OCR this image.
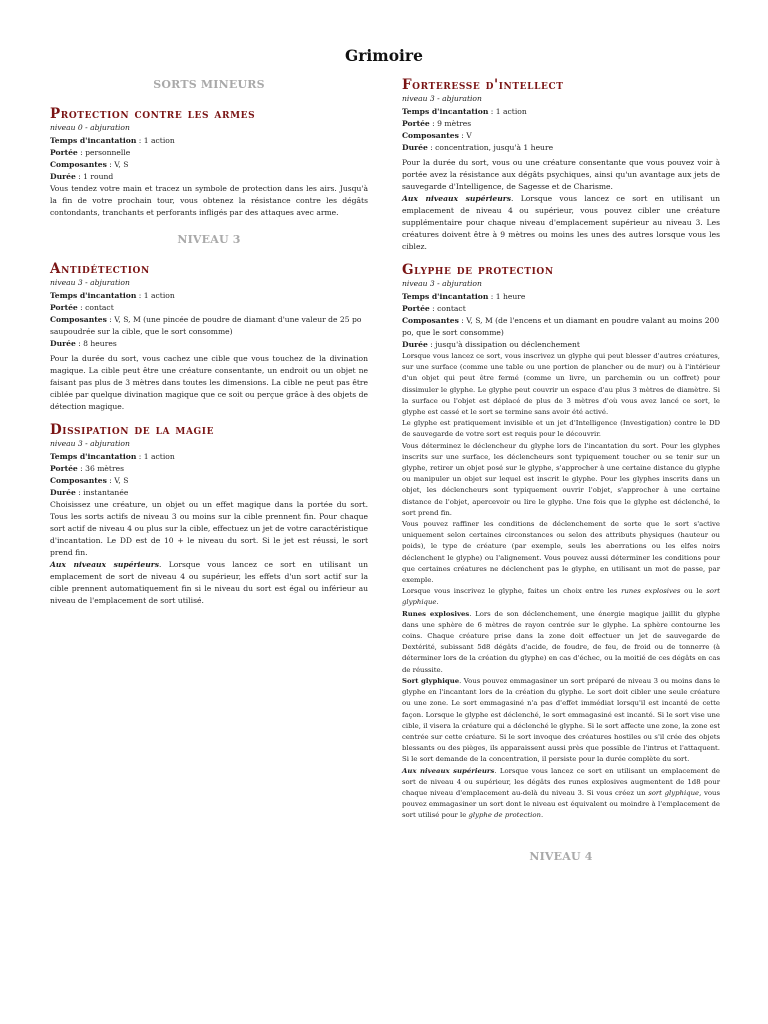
Grimoire
SORTS MINEURS
Protection contre les armes
niveau 0 - abjuration
Temps d'incantation : 1 action
Portée : personnelle
Composantes : V, S
Durée : 1 round

Vous tendez votre main et tracez un symbole de protection dans les airs. Jusqu'à la fin de votre prochain tour, vous obtenez la résistance contre les dégâts contondants, tranchants et perforants infligés par des attaques avec arme.

NIVEAU 3
Antidétection
niveau 3 - abjuration
Temps d'incantation : 1 action
Portée : contact
Composantes : V, S, M (une pincée de poudre de diamant d'une valeur de 25 po saupoudrée sur la cible, que le sort consomme)
Durée : 8 heures

Pour la durée du sort, vous cachez une cible que vous touchez de la divination magique. La cible peut être une créature consentante, un endroit ou un objet ne faisant pas plus de 3 mètres dans toutes les dimensions. La cible ne peut pas être ciblée par quelque divination magique que ce soit ou perçue grâce à des objets de détection magique.

Dissipation de la magie
niveau 3 - abjuration
Temps d'incantation : 1 action
Portée : 36 mètres
Composantes : V, S
Durée : instantanée

Choisissez une créature, un objet ou un effet magique dans la portée du sort. Tous les sorts actifs de niveau 3 ou moins sur la cible prennent fin. Pour chaque sort actif de niveau 4 ou plus sur la cible, effectuez un jet de votre caractéristique d'incantation. Le DD est de 10 + le niveau du sort. Si le jet est réussi, le sort prend fin.

Aux niveaux supérieurs. Lorsque vous lancez ce sort en utilisant un emplacement de sort de niveau 4 ou supérieur, les effets d'un sort actif sur la cible prennent automatiquement fin si le niveau du sort est égal ou inférieur au niveau de l'emplacement de sort utilisé.

Forteresse d'intellect
niveau 3 - abjuration
Temps d'incantation : 1 action
Portée : 9 mètres
Composantes : V
Durée : concentration, jusqu'à 1 heure

Pour la durée du sort, vous ou une créature consentante que vous pouvez voir à portée avez la résistance aux dégâts psychiques, ainsi qu'un avantage aux jets de sauvegarde d'Intelligence, de Sagesse et de Charisme.

Aux niveaux supérieurs. Lorsque vous lancez ce sort en utilisant un emplacement de niveau 4 ou supérieur, vous pouvez cibler une créature supplémentaire pour chaque niveau d'emplacement supérieur au niveau 3. Les créatures doivent être à 9 mètres ou moins les unes des autres lorsque vous les ciblez.

Glyphe de protection
niveau 3 - abjuration
Temps d'incantation : 1 heure
Portée : contact
Composantes : V, S, M (de l'encens et un diamant en poudre valant au moins 200 po, que le sort consomme)
Durée : jusqu'à dissipation ou déclenchement

Lorsque vous lancez ce sort, vous inscrivez un glyphe qui peut blesser d'autres créatures, sur une surface (comme une table ou une portion de plancher ou de mur) ou à l'intérieur d'un objet qui peut être fermé (comme un livre, un parchemin ou un coffret) pour dissimuler le glyphe. Le glyphe peut couvrir un espace d'au plus 3 mètres de diamètre. Si la surface ou l'objet est déplacé de plus de 3 mètres d'où vous avez lancé ce sort, le glyphe est cassé et le sort se termine sans avoir été activé.

Le glyphe est pratiquement invisible et un jet d'Intelligence (Investigation) contre le DD de sauvegarde de votre sort est requis pour le découvrir.

Vous déterminez le déclencheur du glyphe lors de l'incantation du sort. Pour les glyphes inscrits sur une surface, les déclencheurs sont typiquement toucher ou se tenir sur un glyphe, retirer un objet posé sur le glyphe, s'approcher à une certaine distance du glyphe ou manipuler un objet sur lequel est inscrit le glyphe. Pour les glyphes inscrits dans un objet, les déclencheurs sont typiquement ouvrir l'objet, s'approcher à une certaine distance de l'objet, apercevoir ou lire le glyphe. Une fois que le glyphe est déclenché, le sort prend fin.

Vous pouvez raffiner les conditions de déclenchement de sorte que le sort s'active uniquement selon certaines circonstances ou selon des attributs physiques (hauteur ou poids), le type de créature (par exemple, seuls les aberrations ou les elfes noirs déclenchent le glyphe) ou l'alignement. Vous pouvez aussi déterminer les conditions pour que certaines créatures ne déclenchent pas le glyphe, en utilisant un mot de passe, par exemple.

Lorsque vous inscrivez le glyphe, faites un choix entre les runes explosives ou le sort glyphique.

Runes explosives. Lors de son déclenchement, une énergie magique jaillit du glyphe dans une sphère de 6 mètres de rayon centrée sur le glyphe. La sphère contourne les coins. Chaque créature prise dans la zone doit effectuer un jet de sauvegarde de Dextérité, subissant 5d8 dégâts d'acide, de foudre, de feu, de froid ou de tonnerre (à déterminer lors de la création du glyphe) en cas d'échec, ou la moitié de ces dégâts en cas de réussite.

Sort glyphique. Vous pouvez emmagasiner un sort préparé de niveau 3 ou moins dans le glyphe en l'incantant lors de la création du glyphe. Le sort doit cibler une seule créature ou une zone. Le sort emmagasiné n'a pas d'effet immédiat lorsqu'il est incanté de cette façon. Lorsque le glyphe est déclenché, le sort emmagasiné est incanté. Si le sort vise une cible, il visera la créature qui a déclenché le glyphe. Si le sort affecte une zone, la zone est centrée sur cette créature. Si le sort invoque des créatures hostiles ou s'il crée des objets blessants ou des pièges, ils apparaissent aussi près que possible de l'intrus et l'attaquent. Si le sort demande de la concentration, il persiste pour la durée complète du sort.

Aux niveaux supérieurs. Lorsque vous lancez ce sort en utilisant un emplacement de sort de niveau 4 ou supérieur, les dégâts des runes explosives augmentent de 1d8 pour chaque niveau d'emplacement au-delà du niveau 3. Si vous créez un sort glyphique, vous pouvez emmagasiner un sort dont le niveau est équivalent ou moindre à l'emplacement de sort utilisé pour le glyphe de protection.

NIVEAU 4
